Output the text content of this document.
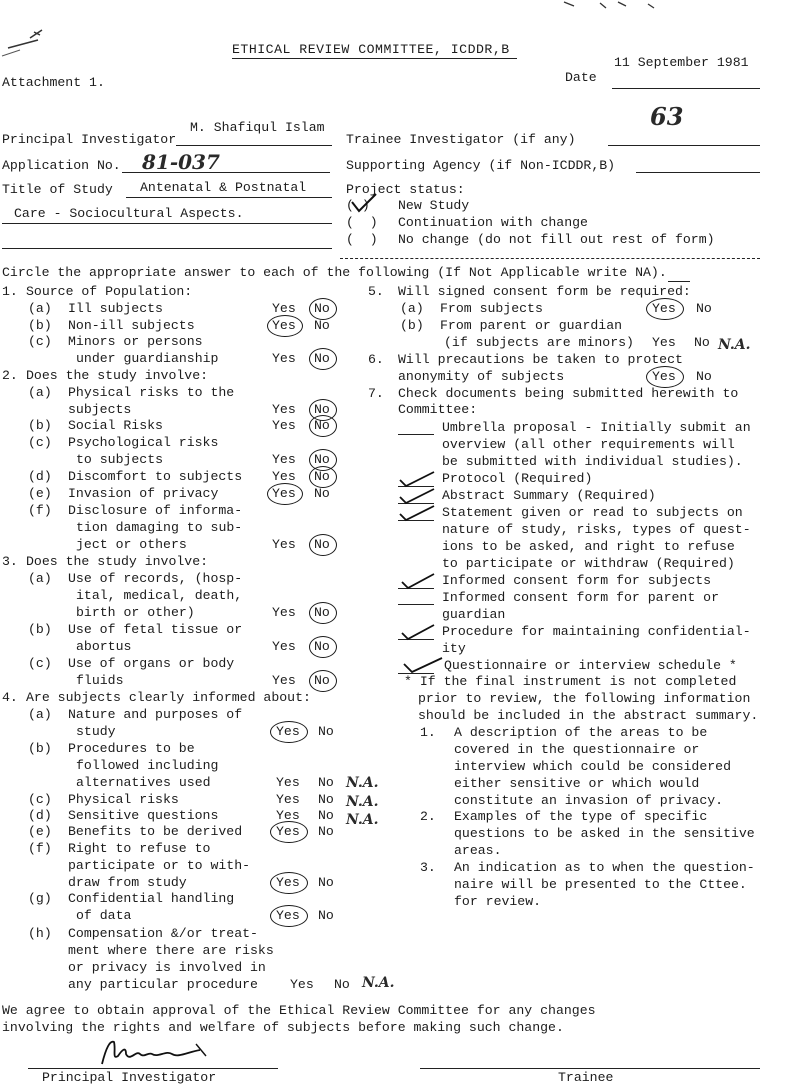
ETHICAL REVIEW COMMITTEE, ICDDR,B
Attachment 1.
11 September 1981
Date
63
Principal Investigator
M. Shafiqul Islam
Application No. 81-037
Title of Study Antenatal & Postnatal
Care - Sociocultural Aspects.
Trainee Investigator (if any)
Supporting Agency (if Non-ICDDR,B)
Project status:
( ) New Study
(  ) Continuation with change
(  ) No change (do not fill out rest of form)
Circle the appropriate answer to each of the following (If Not Applicable write NA).
1. Source of Population:
(a) Ill subjects	Yes No
(b) Non-ill subjects	Yes No
(c) Minors or persons
under guardianship	Yes No
2. Does the study involve:
(a) Physical risks to the
subjects	Yes No
(b) Social Risks	Yes No
(c) Psychological risks
to subjects	Yes No
(d) Discomfort to subjects Yes No
(e) Invasion of privacy	Yes No
(f) Disclosure of informa-
tion damaging to sub-
ject or others	Yes No
3. Does the study involve:
(a) Use of records, (hosp-
ital, medical, death,
birth or other)	Yes No
(b) Use of fetal tissue or
abortus	Yes No
(c) Use of organs or body
fluids	Yes No
4. Are subjects clearly informed about:
(a) Nature and purposes of
study	Yes No
(b) Procedures to be
followed including
alternatives used	Yes No N.A.
(c) Physical risks	Yes No N.A.
(d) Sensitive questions	Yes No N.A.
(e) Benefits to be derived	Yes No
(f) Right to refuse to
participate or to with-
draw from study	Yes No
(g) Confidential handling
of data	Yes No
(h) Compensation &/or treat-
ment where there are risks
or privacy is involved in
any particular procedure Yes No N.A.
5. Will signed consent form be required:
(a) From subjects	Yes No
(b) From parent or guardian
(if subjects are minors) Yes No N.A.
6. Will precautions be taken to protect
anonymity of subjects	Yes No
7. Check documents being submitted herewith to
Committee:
Umbrella proposal - Initially submit an
overview (all other requirements will
be submitted with individual studies).
Protocol (Required)
Abstract Summary (Required)
Statement given or read to subjects on
nature of study, risks, types of quest-
ions to be asked, and right to refuse
to participate or withdraw (Required)
Informed consent form for subjects
Informed consent form for parent or
guardian
Procedure for maintaining confidential-
ity
Questionnaire or interview schedule *
* If the final instrument is not completed
prior to review, the following information
should be included in the abstract summary.
1. A description of the areas to be
covered in the questionnaire or
interview which could be considered
either sensitive or which would
constitute an invasion of privacy.
2. Examples of the type of specific
questions to be asked in the sensitive
areas.
3. An indication as to when the question-
naire will be presented to the Cttee.
for review.
We agree to obtain approval of the Ethical Review Committee for any changes
involving the rights and welfare of subjects before making such change.
Principal Investigator	Trainee
